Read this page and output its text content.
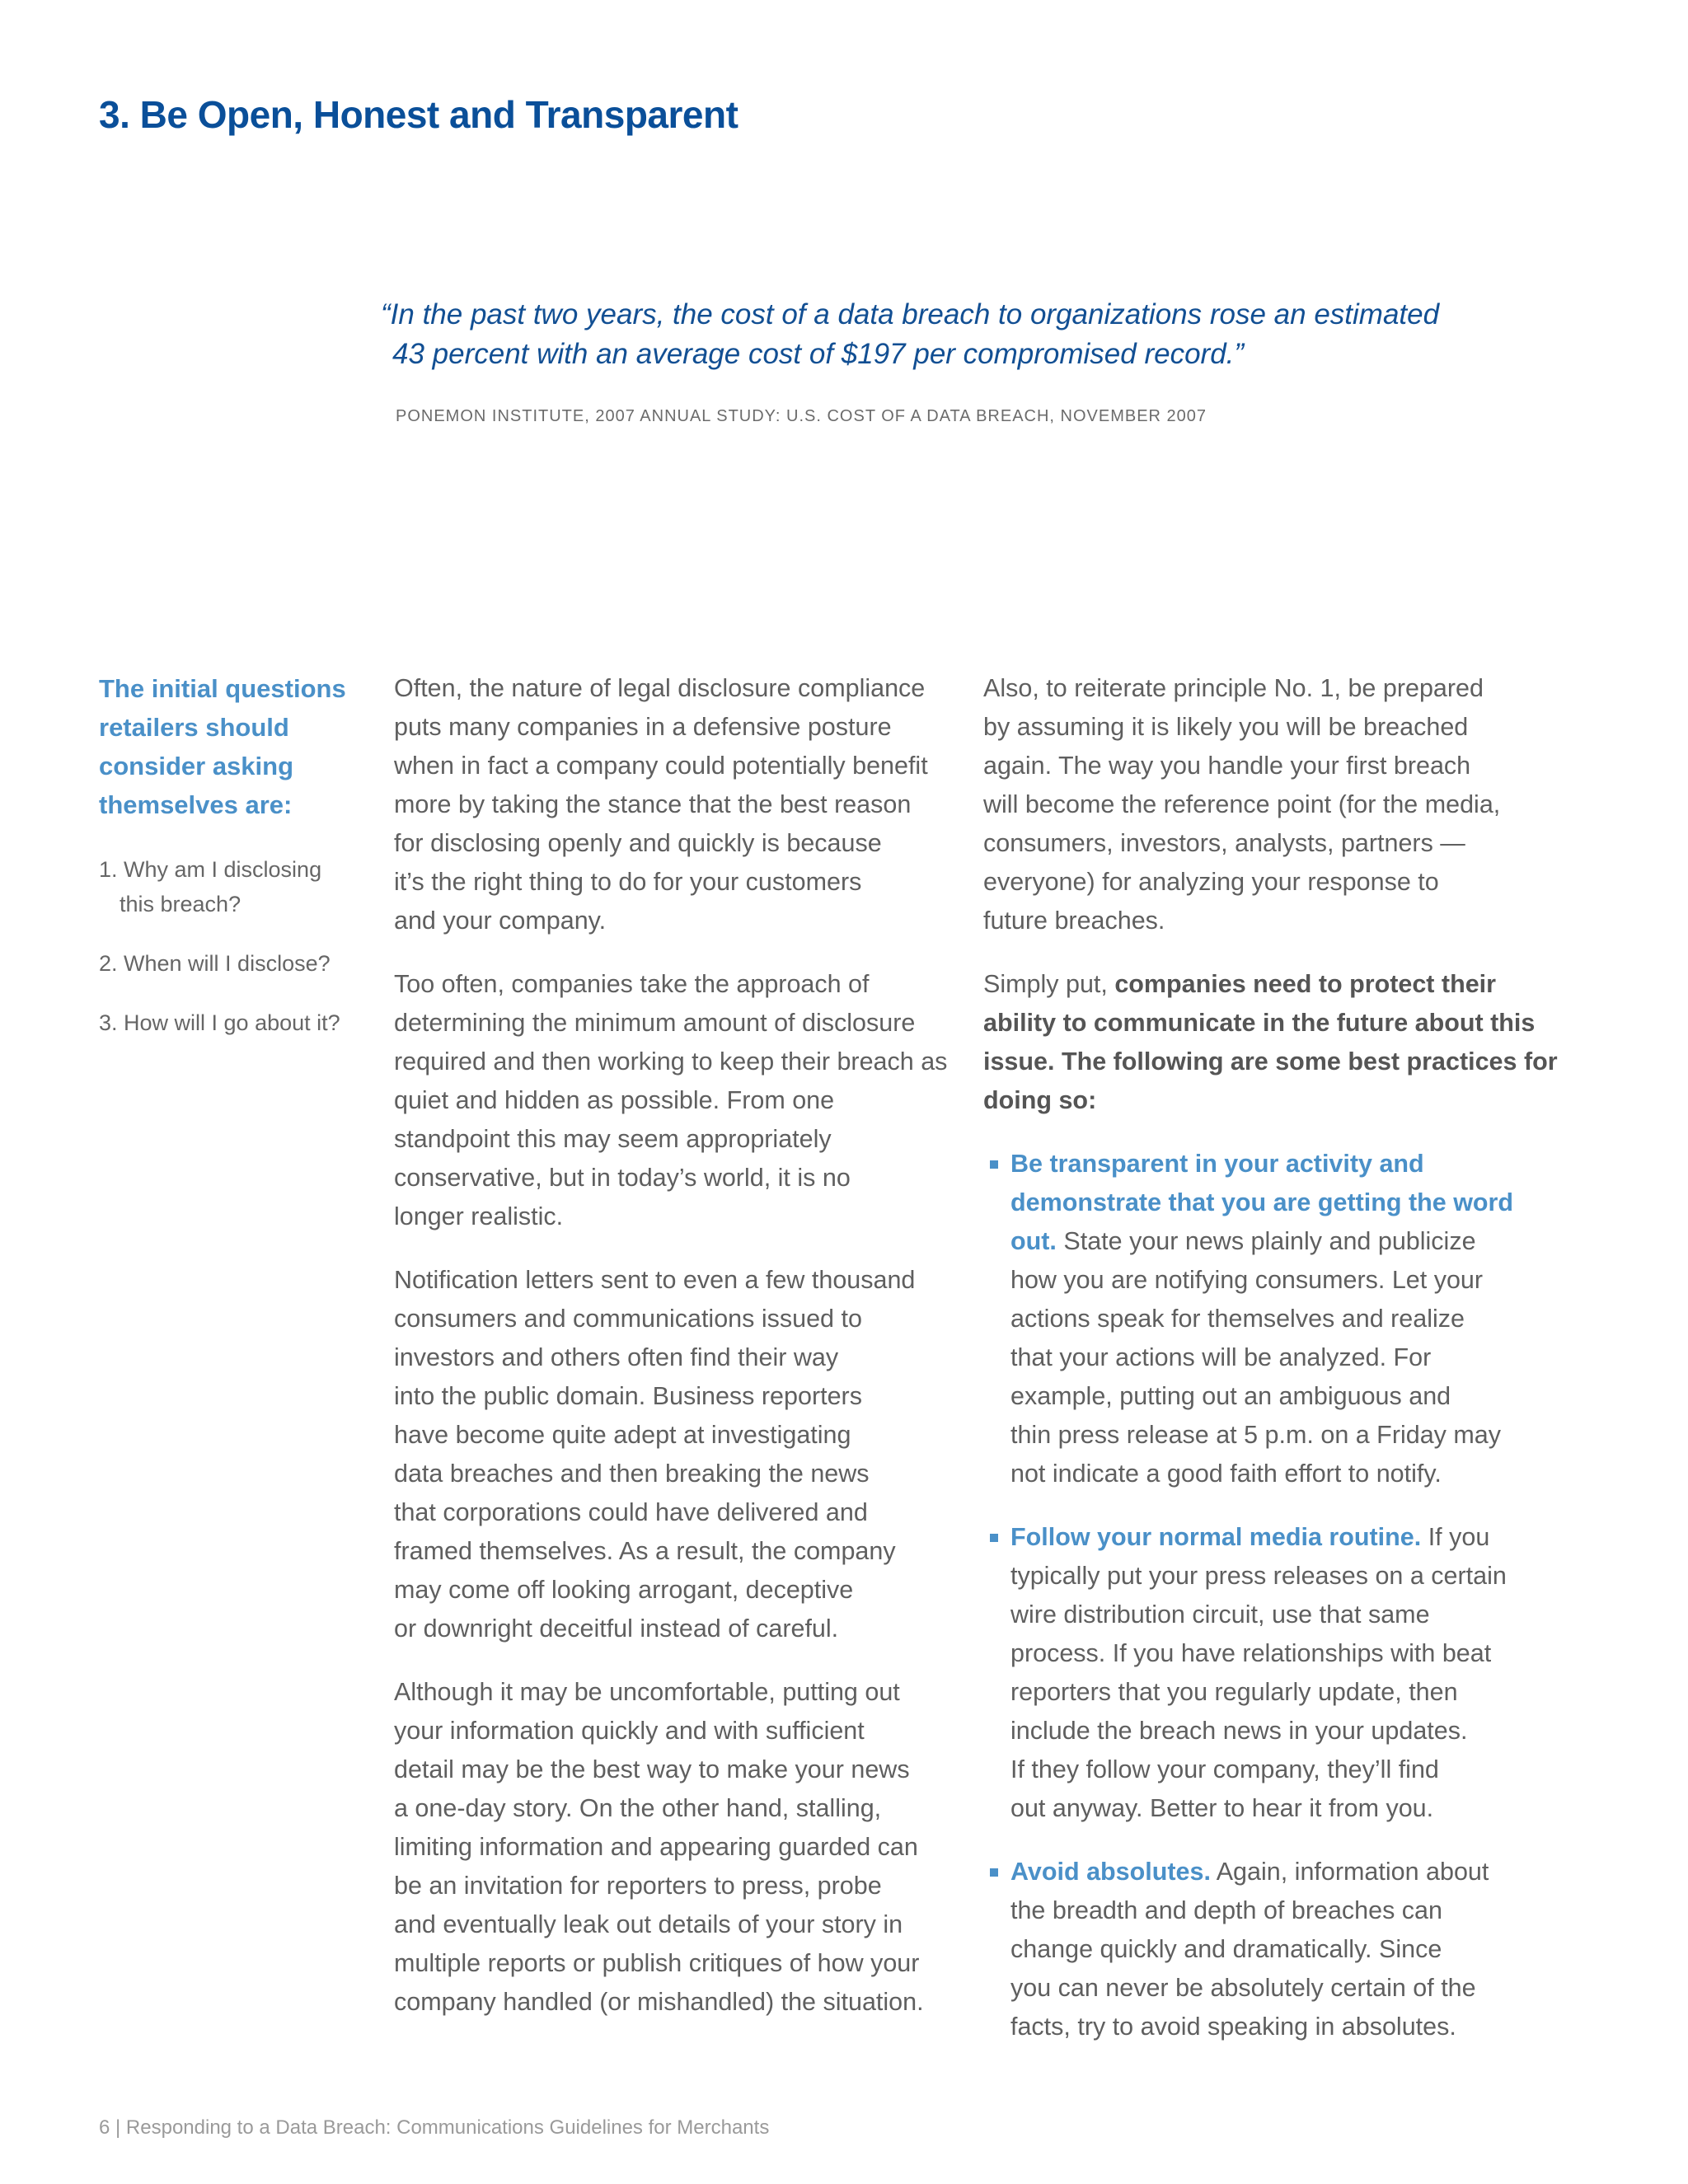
3. Be Open, Honest and Transparent
“In the past two years, the cost of a data breach to organizations rose an estimated
43 percent with an average cost of $197 per compromised record.”
PONEMON INSTITUTE, 2007 ANNUAL STUDY: U.S. COST OF A DATA BREACH, NOVEMBER 2007
The initial questions
retailers should
consider asking
themselves are:
1. Why am I disclosing
this breach?
2. When will I disclose?
3. How will I go about it?

Often, the nature of legal disclosure compliance
puts many companies in a defensive posture
when in fact a company could potentially benefit
more by taking the stance that the best reason
for disclosing openly and quickly is because
it’s the right thing to do for your customers
and your company.

Too often, companies take the approach of
determining the minimum amount of disclosure
required and then working to keep their breach as
quiet and hidden as possible. From one
standpoint this may seem appropriately
conservative, but in today’s world, it is no
longer realistic.

Notification letters sent to even a few thousand
consumers and communications issued to
investors and others often find their way
into the public domain. Business reporters
have become quite adept at investigating
data breaches and then breaking the news
that corporations could have delivered and
framed themselves. As a result, the company
may come off looking arrogant, deceptive
or downright deceitful instead of careful.

Although it may be uncomfortable, putting out
your information quickly and with sufficient
detail may be the best way to make your news
a one-day story. On the other hand, stalling,
limiting information and appearing guarded can
be an invitation for reporters to press, probe
and eventually leak out details of your story in
multiple reports or publish critiques of how your
company handled (or mishandled) the situation.

Also, to reiterate principle No. 1, be prepared
by assuming it is likely you will be breached
again. The way you handle your first breach
will become the reference point (for the media,
consumers, investors, analysts, partners —
everyone) for analyzing your response to
future breaches.

Simply put, companies need to protect their
ability to communicate in the future about this issue. The following are some best practices for doing so:

Be transparent in your activity and
demonstrate that you are getting the word
out. State your news plainly and publicize
how you are notifying consumers. Let your
actions speak for themselves and realize
that your actions will be analyzed. For
example, putting out an ambiguous and
thin press release at 5 p.m. on a Friday may
not indicate a good faith effort to notify.
Follow your normal media routine. If you
typically put your press releases on a certain
wire distribution circuit, use that same
process. If you have relationships with beat
reporters that you regularly update, then
include the breach news in your updates.
If they follow your company, they’ll find
out anyway. Better to hear it from you.
Avoid absolutes. Again, information about
the breadth and depth of breaches can
change quickly and dramatically. Since
you can never be absolutely certain of the
facts, try to avoid speaking in absolutes.
6 | Responding to a Data Breach: Communications Guidelines for Merchants
